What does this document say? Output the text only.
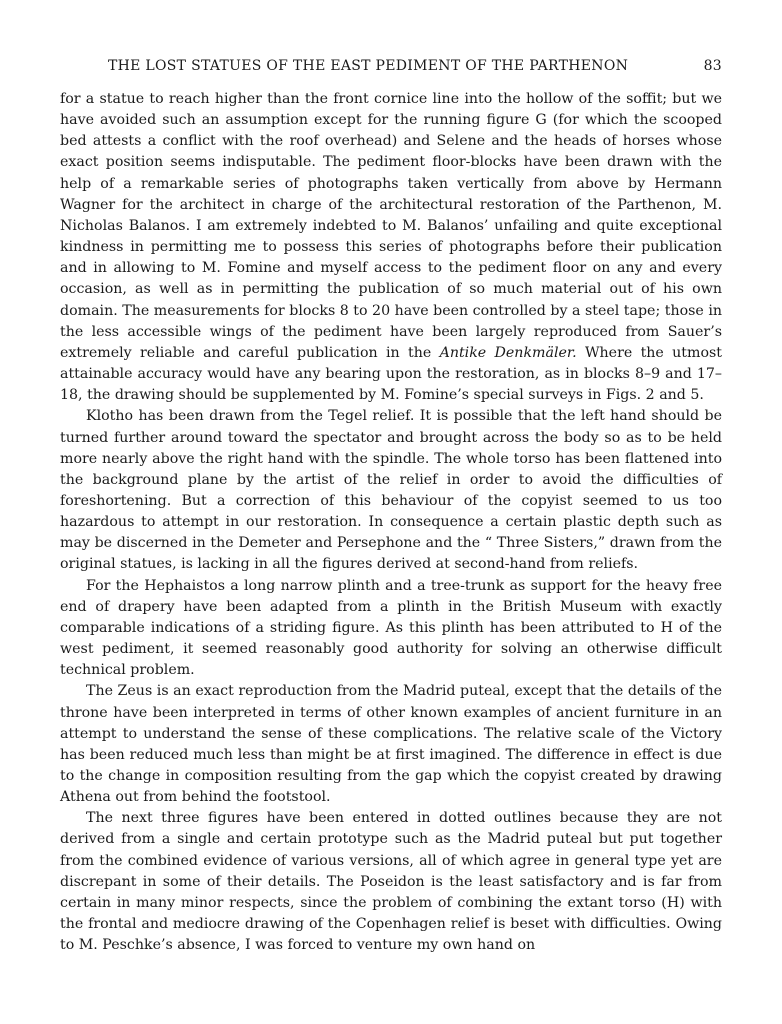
THE LOST STATUES OF THE EAST PEDIMENT OF THE PARTHENON	83

for a statue to reach higher than the front cornice line into the hollow of the soffit; but we have avoided such an assumption except for the running figure G (for which the scooped bed attests a conflict with the roof overhead) and Selene and the heads of horses whose exact position seems indisputable. The pediment floor-blocks have been drawn with the help of a remarkable series of photographs taken vertically from above by Hermann Wagner for the architect in charge of the architectural restoration of the Parthenon, M. Nicholas Balanos. I am extremely indebted to M. Balanos’ unfailing and quite exceptional kindness in permitting me to possess this series of photographs before their publication and in allowing to M. Fomine and myself access to the pediment floor on any and every occasion, as well as in permitting the publication of so much material out of his own domain. The measurements for blocks 8 to 20 have been controlled by a steel tape; those in the less accessible wings of the pediment have been largely reproduced from Sauer’s extremely reliable and careful publication in the Antike Denkmäler. Where the utmost attainable accuracy would have any bearing upon the restoration, as in blocks 8–9 and 17–18, the drawing should be supplemented by M. Fomine’s special surveys in Figs. 2 and 5.

Klotho has been drawn from the Tegel relief. It is possible that the left hand should be turned further around toward the spectator and brought across the body so as to be held more nearly above the right hand with the spindle. The whole torso has been flattened into the background plane by the artist of the relief in order to avoid the difficulties of foreshortening. But a correction of this behaviour of the copyist seemed to us too hazardous to attempt in our restoration. In consequence a certain plastic depth such as may be discerned in the Demeter and Persephone and the “ Three Sisters,” drawn from the original statues, is lacking in all the figures derived at second-hand from reliefs.

For the Hephaistos a long narrow plinth and a tree-trunk as support for the heavy free end of drapery have been adapted from a plinth in the British Museum with exactly comparable indications of a striding figure. As this plinth has been attributed to H of the west pediment, it seemed reasonably good authority for solving an otherwise difficult technical problem.

The Zeus is an exact reproduction from the Madrid puteal, except that the details of the throne have been interpreted in terms of other known examples of ancient furniture in an attempt to understand the sense of these complications. The relative scale of the Victory has been reduced much less than might be at first imagined. The difference in effect is due to the change in composition resulting from the gap which the copyist created by drawing Athena out from behind the footstool.

The next three figures have been entered in dotted outlines because they are not derived from a single and certain prototype such as the Madrid puteal but put together from the combined evidence of various versions, all of which agree in general type yet are discrepant in some of their details. The Poseidon is the least satisfactory and is far from certain in many minor respects, since the problem of combining the extant torso (H) with the frontal and mediocre drawing of the Copenhagen relief is beset with difficulties. Owing to M. Peschke’s absence, I was forced to venture my own hand on
